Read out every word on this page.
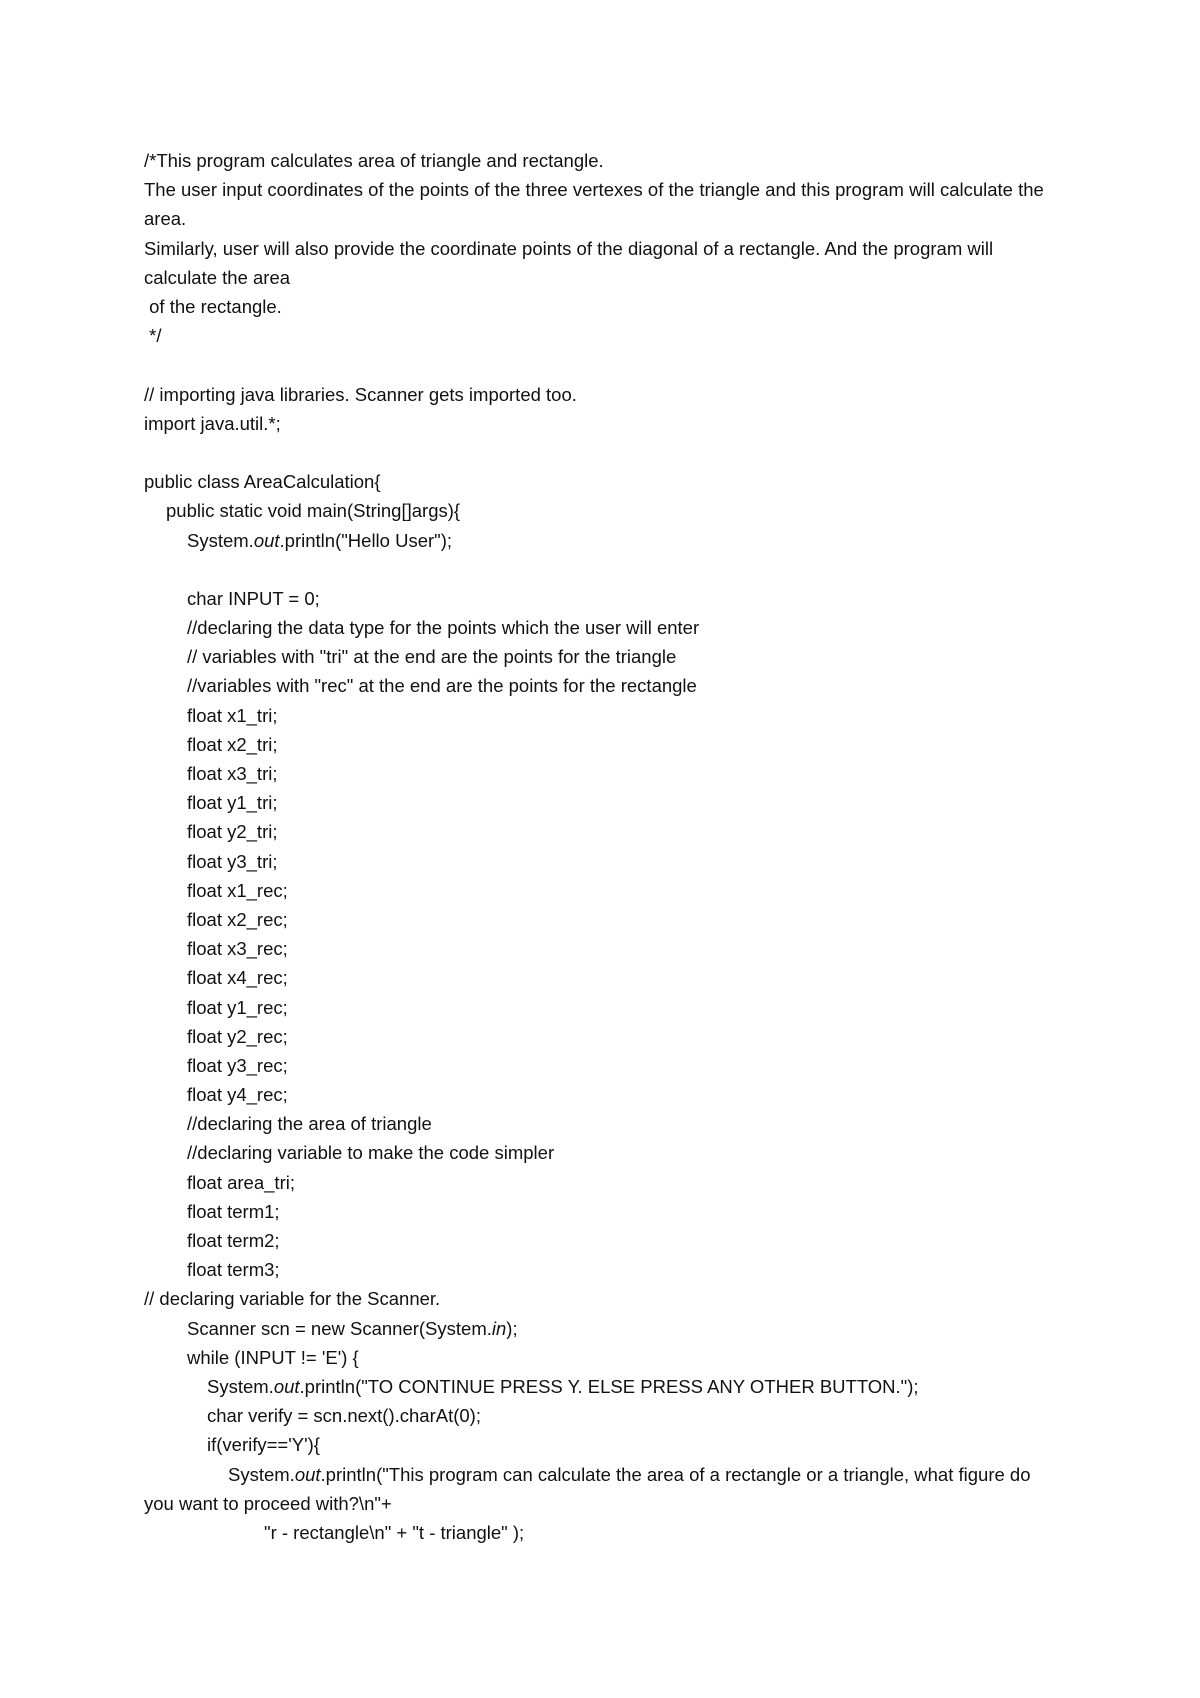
/*This program calculates area of triangle and rectangle.
The user input coordinates of the points of the three vertexes of the triangle and this program will calculate the area.
Similarly, user will also provide the coordinate points of the diagonal of a rectangle. And the program will calculate the area
of the rectangle.
*/
// importing java libraries. Scanner gets imported too.
import java.util.*;
public class AreaCalculation{
public static void main(String[]args){
System.out.println("Hello User");
char INPUT = 0;
//declaring the data type for the points which the user will enter
// variables with "tri" at the end are the points for the triangle
//variables with "rec" at the end are the points for the rectangle
float x1_tri;
float x2_tri;
float x3_tri;
float y1_tri;
float y2_tri;
float y3_tri;
float x1_rec;
float x2_rec;
float x3_rec;
float x4_rec;
float y1_rec;
float y2_rec;
float y3_rec;
float y4_rec;
//declaring the area of triangle
//declaring variable to make the code simpler
float area_tri;
float term1;
float term2;
float term3;
// declaring variable for the Scanner.
Scanner scn = new Scanner(System.in);
while (INPUT != 'E') {
System.out.println("TO CONTINUE PRESS Y. ELSE PRESS ANY OTHER BUTTON.");
char verify = scn.next().charAt(0);
if(verify=='Y'){
System.out.println("This program can calculate the area of a rectangle or a triangle, what figure do you want to proceed with?\n"+
"r - rectangle\n" + "t - triangle" );
